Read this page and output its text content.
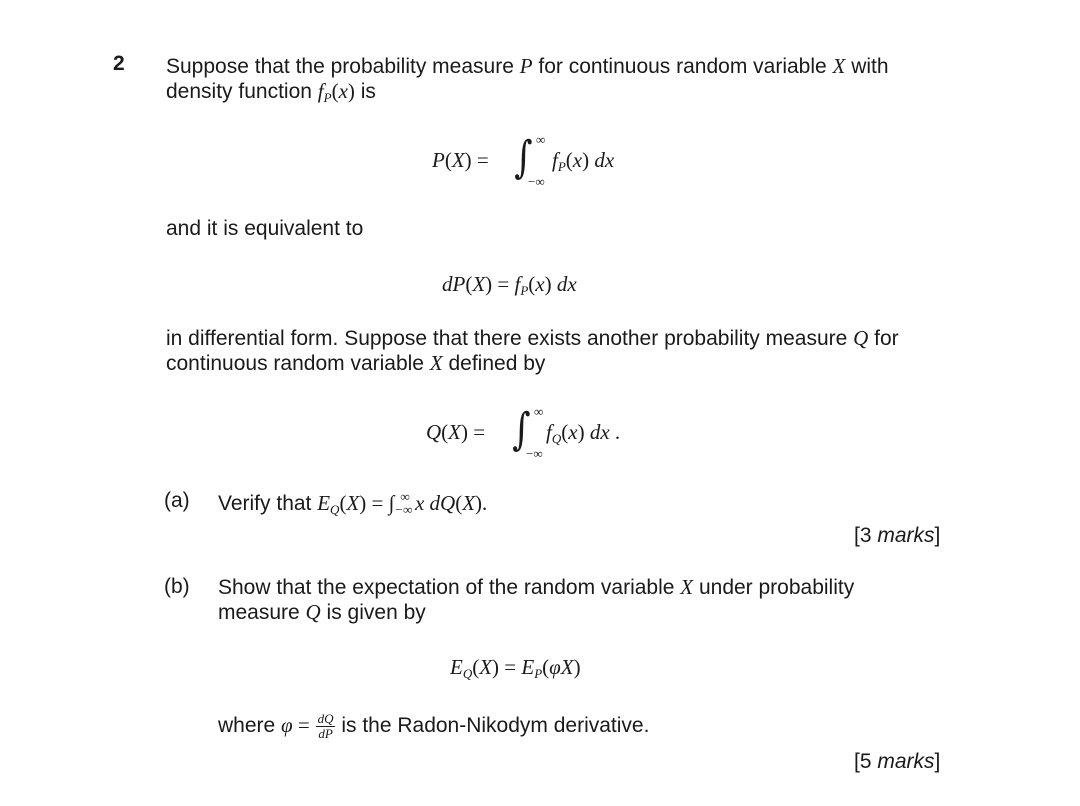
2 Suppose that the probability measure P for continuous random variable X with
density function $f_P(x)$ is
P(X) = ∫ ∞
−∞
$f_P(x)$ dx
and it is equivalent to
$dP(X) = f_P(x)$ dx
in differential form. Suppose that there exists another probability measure Q for
continuous random variable X defined by
Q(X) = ∫ ∞
−∞
$f_Q(x)$ dx .
(a) Verify that $E_Q(X) = \int_{-\infty}^\infty$ x dQ(X).
[3 marks]
(b) Show that the expectation of the random variable X under probability
measure Q is given by
$E_Q(X) = E_P(\varphi X)$
where $\varphi = \frac{dQ}{dP}$ is the Radon-Nikodym derivative.
[5 marks]
